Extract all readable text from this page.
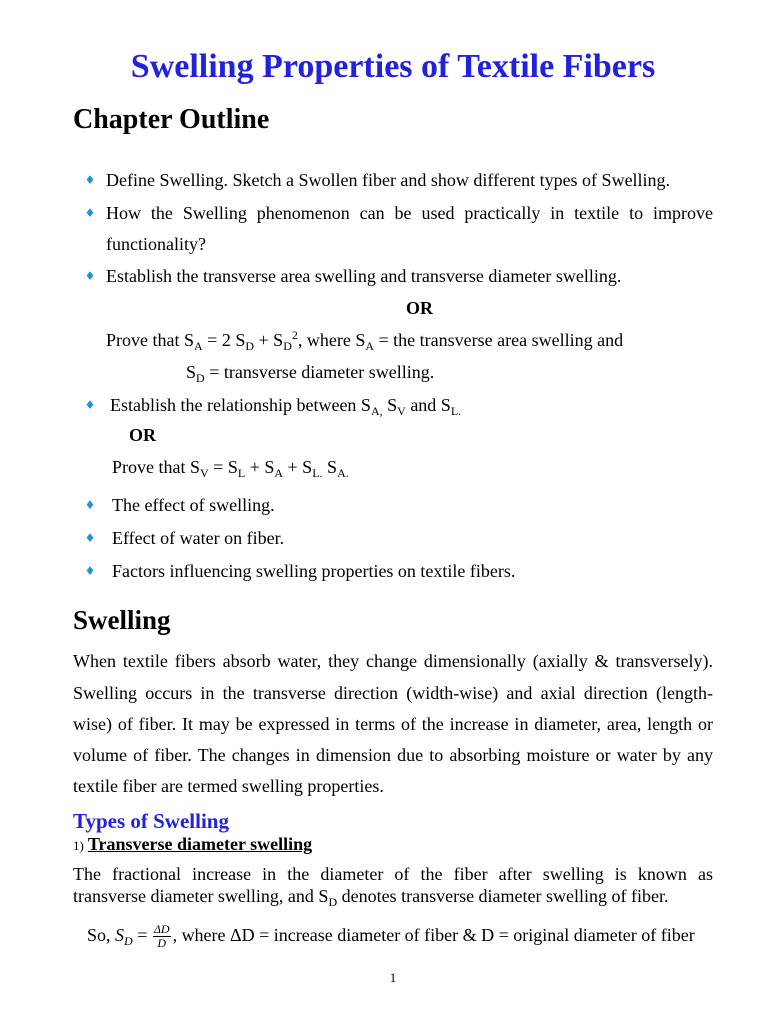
Swelling Properties of Textile Fibers
Chapter Outline
♦
Define Swelling. Sketch a Swollen fiber and show different types of Swelling.
♦
How the Swelling phenomenon can be used practically in textile to improve
functionality?
♦
Establish the transverse area swelling and transverse diameter swelling.
OR
Prove that $S_A = 2$ $S_D + S_D^2$, where $S_A$ = the transverse area swelling and
$S_D$ = transverse diameter swelling.
♦
Establish the relationship between $S_{A,}$ $S_V$ and $S_{L.}$
OR
Prove that $S_V = S_L + S_A + S_{L.}$ $S_{A.}$
♦
The effect of swelling.
♦
Effect of water on fiber.
♦
Factors influencing swelling properties on textile fibers.
Swelling
When textile fibers absorb water, they change dimensionally (axially & transversely).
Swelling occurs in the transverse direction (width-wise) and axial direction (length-
wise) of fiber. It may be expressed in terms of the increase in diameter, area, length or
volume of fiber. The changes in dimension due to absorbing moisture or water by any
textile fiber are termed swelling properties.
Types of Swelling
1) Transverse diameter swelling
The fractional increase in the diameter of the fiber after swelling is known as
transverse diameter swelling, and $S_D$ denotes transverse diameter swelling of fiber.
So, $S_D = \frac{\Delta D}{D}$ , where ΔD = increase diameter of fiber & D = original diameter of fiber
1
